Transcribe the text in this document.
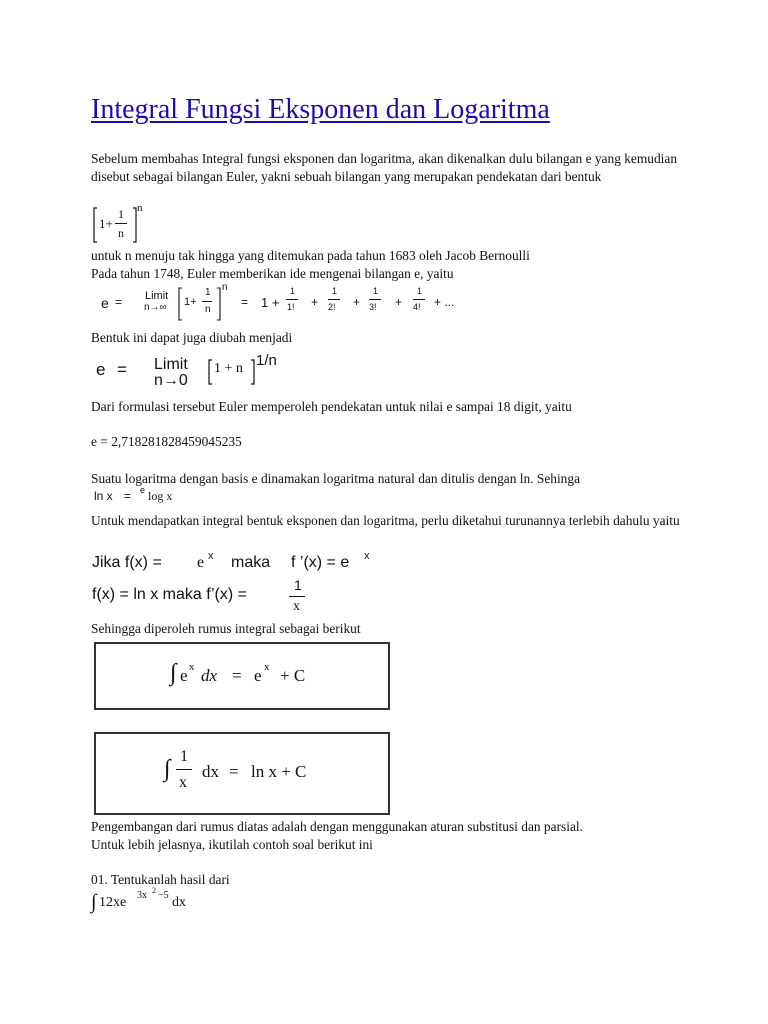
Integral Fungsi Eksponen dan Logaritma
Sebelum membahas Integral fungsi eksponen dan logaritma, akan dikenalkan dulu bilangan e yang kemudian disebut sebagai bilangan Euler, yakni sebuah bilangan yang merupakan pendekatan dari bentuk
1+
1
n
n
untuk n menuju tak hingga yang ditemukan pada tahun 1683 oleh Jacob Bernoulli
Pada tahun 1748, Euler memberikan ide mengenai bilangan e, yaitu
e = Limit
n→∞ 1+
1
n
n
= 1 +
1
1! +
1
2! +
1
3! +
1
4! + ...
Bentuk ini dapat juga diubah menjadi
e = Limit
n→0
1 + n 1/n
Dari formulasi tersebut Euler memperoleh pendekatan untuk nilai e sampai 18 digit, yaitu
e = 2,718281828459045235
Suatu logaritma dengan basis e dinamakan logaritma natural dan ditulis dengan ln. Sehinga
ln x = e log x
Untuk mendapatkan integral bentuk eksponen dan logaritma, perlu diketahui turunannya terlebih dahulu yaitu
Jika f(x) = e x maka f ’(x) = e x
f(x) = ln x maka f’(x) =
1
x
Sehingga diperoleh rumus integral sebagai berikut
∫ e x dx = e x + C
∫ 1
x
dx = ln x + C
Pengembangan dari rumus diatas adalah dengan menggunakan aturan substitusi dan parsial.
Untuk lebih jelasnya, ikutilah contoh soal berikut ini
01. Tentukanlah hasil dari
∫ 12xe 3x 2 −5 dx
